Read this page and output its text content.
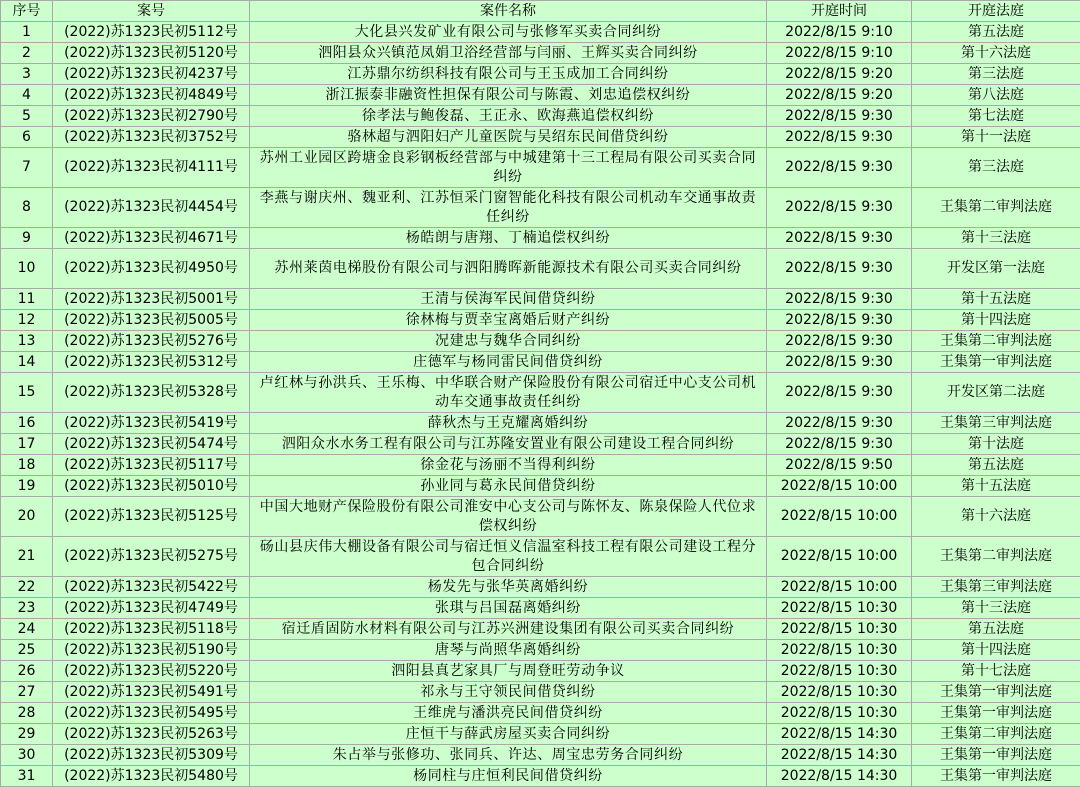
序号	案号	案件名称	开庭时间	开庭法庭
1	(2022)苏1323民初5112号	大化县兴发矿业有限公司与张修军买卖合同纠纷	2022/8/15 9:10	第五法庭
2	(2022)苏1323民初5120号	泗阳县众兴镇范凤娟卫浴经营部与闫丽、王辉买卖合同纠纷	2022/8/15 9:10	第十六法庭
3	(2022)苏1323民初4237号	江苏鼎尔纺织科技有限公司与王玉成加工合同纠纷	2022/8/15 9:20	第三法庭
4	(2022)苏1323民初4849号	浙江振泰非融资性担保有限公司与陈霞、刘忠追偿权纠纷	2022/8/15 9:20	第八法庭
5	(2022)苏1323民初2790号	徐孝法与鲍俊磊、王正永、欧海燕追偿权纠纷	2022/8/15 9:30	第七法庭
6	(2022)苏1323民初3752号	骆林超与泗阳妇产儿童医院与吴绍东民间借贷纠纷	2022/8/15 9:30	第十一法庭
7	(2022)苏1323民初4111号	苏州工业园区跨塘金良彩钢板经营部与中城建第十三工程局有限公司买卖合同纠纷	2022/8/15 9:30	第三法庭
8	(2022)苏1323民初4454号	李燕与谢庆州、魏亚利、江苏恒采门窗智能化科技有限公司机动车交通事故责任纠纷	2022/8/15 9:30	王集第二审判法庭
9	(2022)苏1323民初4671号	杨皓朗与唐翔、丁楠追偿权纠纷	2022/8/15 9:30	第十三法庭
10	(2022)苏1323民初4950号	苏州莱茵电梯股份有限公司与泗阳腾晖新能源技术有限公司买卖合同纠纷	2022/8/15 9:30	开发区第一法庭
11	(2022)苏1323民初5001号	王清与侯海军民间借贷纠纷	2022/8/15 9:30	第十五法庭
12	(2022)苏1323民初5005号	徐林梅与贾幸宝离婚后财产纠纷	2022/8/15 9:30	第十四法庭
13	(2022)苏1323民初5276号	况建忠与魏华合同纠纷	2022/8/15 9:30	王集第二审判法庭
14	(2022)苏1323民初5312号	庄德军与杨同雷民间借贷纠纷	2022/8/15 9:30	王集第一审判法庭
15	(2022)苏1323民初5328号	卢红林与孙洪兵、王乐梅、中华联合财产保险股份有限公司宿迁中心支公司机动车交通事故责任纠纷	2022/8/15 9:30	开发区第二法庭
16	(2022)苏1323民初5419号	薛秋杰与王克耀离婚纠纷	2022/8/15 9:30	王集第三审判法庭
17	(2022)苏1323民初5474号	泗阳众水水务工程有限公司与江苏隆安置业有限公司建设工程合同纠纷	2022/8/15 9:30	第十法庭
18	(2022)苏1323民初5117号	徐金花与汤丽不当得利纠纷	2022/8/15 9:50	第五法庭
19	(2022)苏1323民初5010号	孙业同与葛永民间借贷纠纷	2022/8/15 10:00	第十五法庭
20	(2022)苏1323民初5125号	中国大地财产保险股份有限公司淮安中心支公司与陈怀友、陈泉保险人代位求偿权纠纷	2022/8/15 10:00	第十六法庭
21	(2022)苏1323民初5275号	砀山县庆伟大棚设备有限公司与宿迁恒义信温室科技工程有限公司建设工程分包合同纠纷	2022/8/15 10:00	王集第二审判法庭
22	(2022)苏1323民初5422号	杨发先与张华英离婚纠纷	2022/8/15 10:00	王集第三审判法庭
23	(2022)苏1323民初4749号	张琪与吕国磊离婚纠纷	2022/8/15 10:30	第十三法庭
24	(2022)苏1323民初5118号	宿迁盾固防水材料有限公司与江苏兴洲建设集团有限公司买卖合同纠纷	2022/8/15 10:30	第五法庭
25	(2022)苏1323民初5190号	唐琴与尚照华离婚纠纷	2022/8/15 10:30	第十四法庭
26	(2022)苏1323民初5220号	泗阳县真艺家具厂与周登旺劳动争议	2022/8/15 10:30	第十七法庭
27	(2022)苏1323民初5491号	祁永与王守领民间借贷纠纷	2022/8/15 10:30	王集第一审判法庭
28	(2022)苏1323民初5495号	王维虎与潘洪亮民间借贷纠纷	2022/8/15 10:30	王集第一审判法庭
29	(2022)苏1323民初5263号	庄恒干与薛武房屋买卖合同纠纷	2022/8/15 14:30	王集第二审判法庭
30	(2022)苏1323民初5309号	朱占举与张修功、张同兵、许达、周宝忠劳务合同纠纷	2022/8/15 14:30	王集第一审判法庭
31	(2022)苏1323民初5480号	杨同柱与庄恒利民间借贷纠纷	2022/8/15 14:30	王集第一审判法庭
